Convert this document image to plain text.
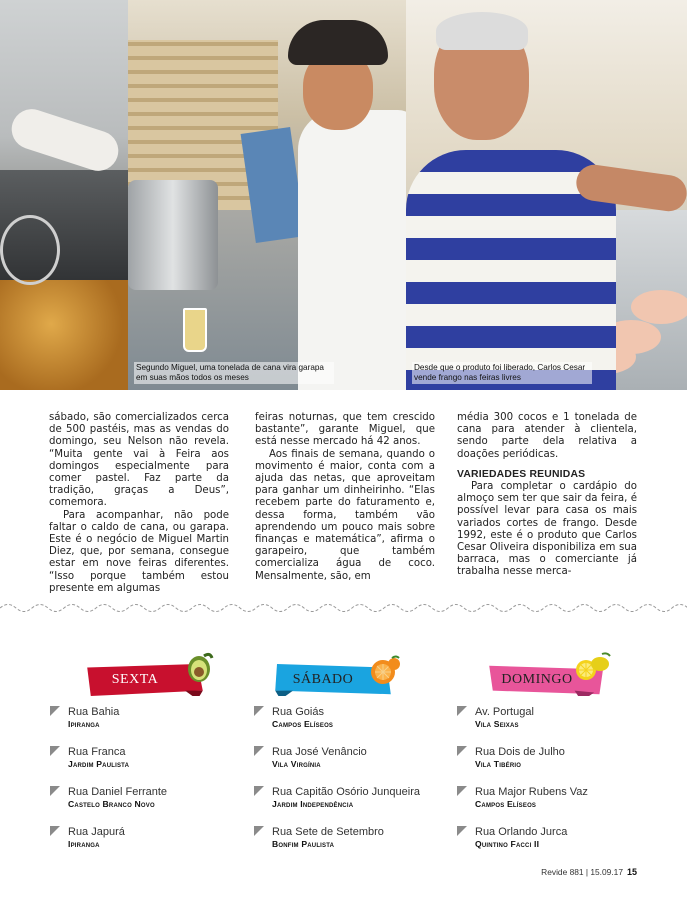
Segundo Miguel, uma tonelada de cana vira garapa em suas mãos todos os meses
Desde que o produto foi liberado, Carlos Cesar vende frango nas feiras livres

sábado, são comercializados cerca de 500 pastéis, mas as vendas do domingo, seu Nelson não revela. “Muita gente vai à Feira aos domingos especialmente para comer pastel. Faz parte da tradição, graças a Deus”, comemora.

Para acompanhar, não pode faltar o caldo de cana, ou garapa. Este é o negócio de Miguel Martin Diez, que, por semana, consegue estar em nove feiras diferentes. “Isso porque também estou presente em algumas

feiras noturnas, que tem crescido bastante”, garante Miguel, que está nesse mercado há 42 anos.

Aos finais de semana, quando o movimento é maior, conta com a ajuda das netas, que aproveitam para ganhar um dinheirinho. “Elas recebem parte do faturamento e, dessa forma, também vão aprendendo um pouco mais sobre finanças e matemática”, afirma o garapeiro, que também comercializa água de coco. Mensalmente, são, em

média 300 cocos e 1 tonelada de cana para atender à clientela, sendo parte dela relativa a doações periódicas.

VARIEDADES REUNIDAS

Para completar o cardápio do almoço sem ter que sair da feira, é possível levar para casa os mais variados cortes de frango. Desde 1992, este é o produto que Carlos Cesar Oliveira disponibiliza em sua barraca, mas o comerciante já trabalha nesse merca-

SEXTA
Rua Bahia
Ipiranga
Rua Franca
Jardim Paulista
Rua Daniel Ferrante
Castelo Branco Novo
Rua Japurá
Ipiranga
SÁBADO
Rua Goiás
Campos Elíseos
Rua José Venâncio
Vila Virgínia
Rua Capitão Osório Junqueira
Jardim Independência
Rua Sete de Setembro
Bonfim Paulista
DOMINGO
Av. Portugal
Vila Seixas
Rua Dois de Julho
Vila Tibério
Rua Major Rubens Vaz
Campos Elíseos
Rua Orlando Jurca
Quintino Facci II
Revide 881 | 15.09.17 15
